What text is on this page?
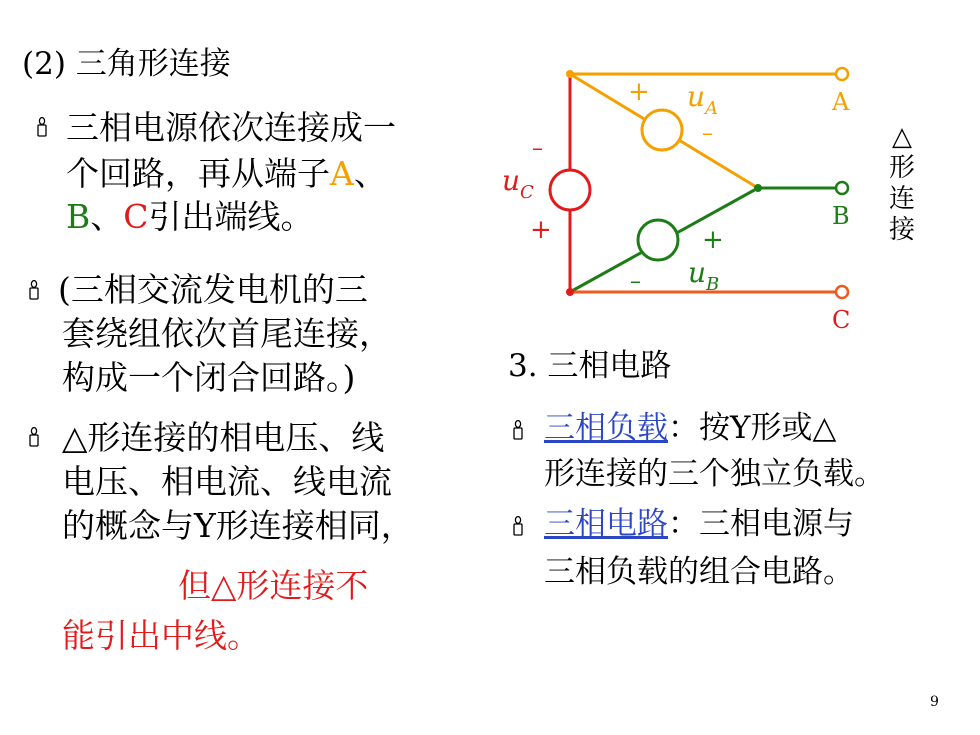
(2) 三角形连接
三相电源依次连接成一
个回路，再从端子A、
B、C引出端线。
(三相交流发电机的三
套绕组依次首尾连接，
构成一个闭合回路。)
△形连接的相电压、线
电压、相电流、线电流
的概念与Y形连接相同，
但△形连接不
能引出中线。
A
B
C
+
–
$u_A$
–
+
$u_C$
+
– $u_B$
△
形
连
接
3. 三相电路
三相负载：按Y形或△
形连接的三个独立负载。
三相电路：三相电源与
三相负载的组合电路。
9
